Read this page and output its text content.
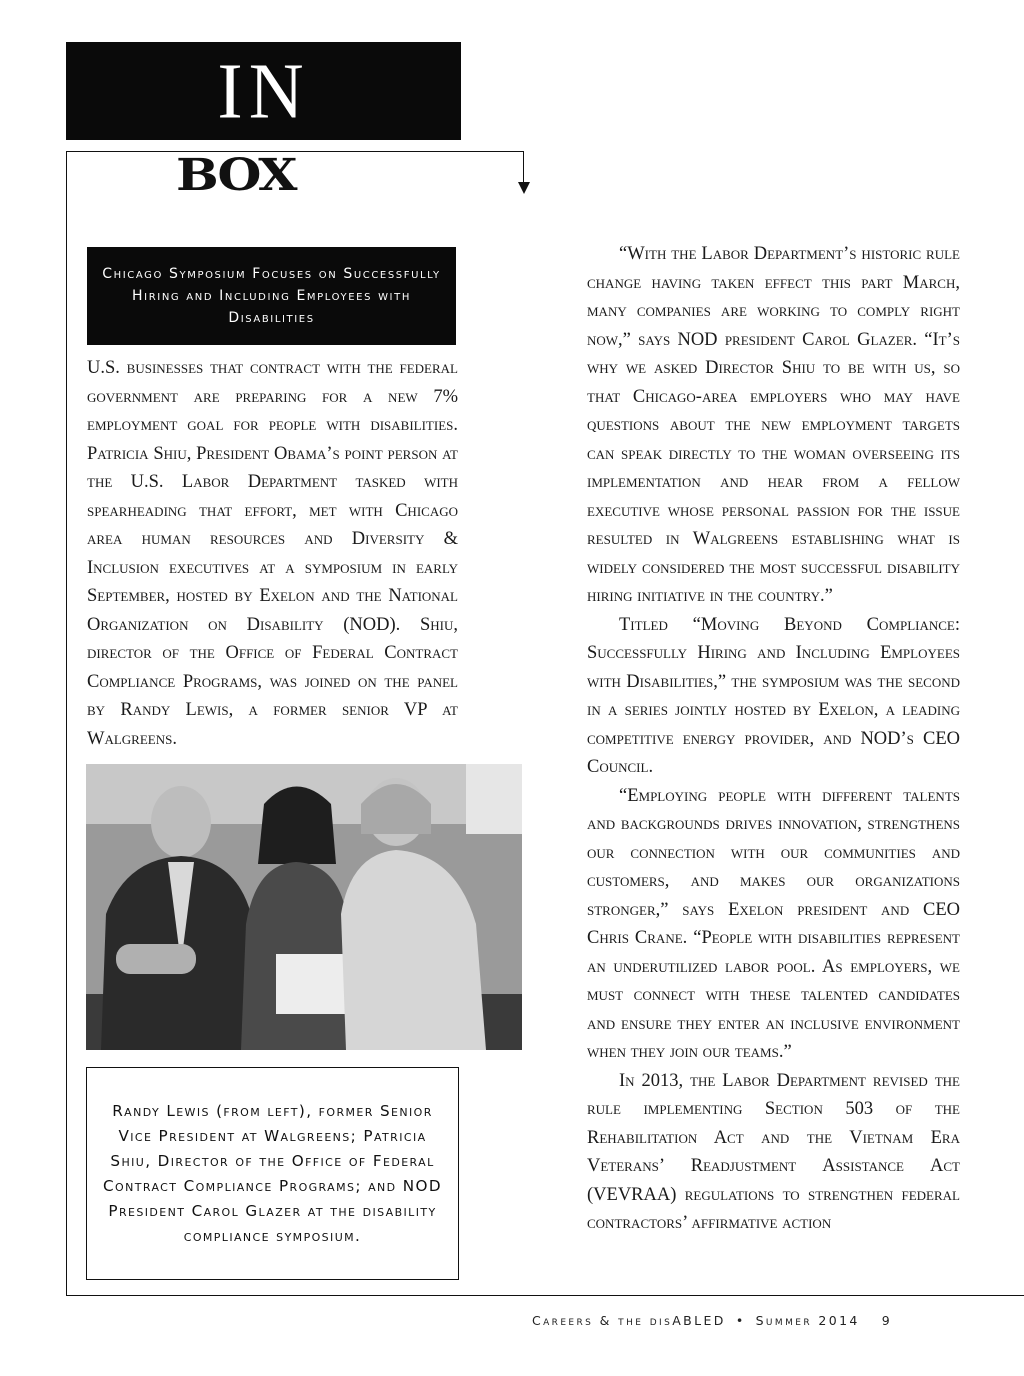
IN
BOX
Chicago Symposium Focuses on Successfully Hiring and Including Employees with Disabilities

U.S. businesses that contract with the federal government are preparing for a new 7% employment goal for people with disabilities. Patricia Shiu, President Obama’s point person at the U.S. Labor Department tasked with spearheading that effort, met with Chicago area human resources and Diversity & Inclusion executives at a symposium in early September, hosted by Exelon and the National Organization on Disability (NOD). Shiu, director of the Office of Federal Contract Compliance Programs, was joined on the panel by Randy Lewis, a former senior VP at Walgreens.

Randy Lewis (from left), former Senior Vice President at Walgreens; Patricia Shiu, Director of the Office of Federal Contract Compliance Programs; and NOD President Carol Glazer at the disability compliance symposium.

“With the Labor Department’s historic rule change having taken effect this part March, many companies are working to comply right now,” says NOD president Carol Glazer. “It’s why we asked Director Shiu to be with us, so that Chicago-area employers who may have questions about the new employment targets can speak directly to the woman overseeing its implementation and hear from a fellow executive whose personal passion for the issue resulted in Walgreens establishing what is widely considered the most successful disability hiring initiative in the country.”

Titled “Moving Beyond Compliance: Successfully Hiring and Including Employees with Disabilities,” the symposium was the second in a series jointly hosted by Exelon, a leading competitive energy provider, and NOD’s CEO Council.

“Employing people with different talents and backgrounds drives innovation, strengthens our connection with our communities and customers, and makes our organizations stronger,” says Exelon president and CEO Chris Crane. “People with disabilities represent an underutilized labor pool. As employers, we must connect with these talented candidates and ensure they enter an inclusive environment when they join our teams.”

In 2013, the Labor Department revised the rule implementing Section 503 of the Rehabilitation Act and the Vietnam Era Veterans’ Readjustment Assistance Act (VEVRAA) regulations to strengthen federal contractors’ affirmative action

Careers & the disABLED • Summer 2014 9
